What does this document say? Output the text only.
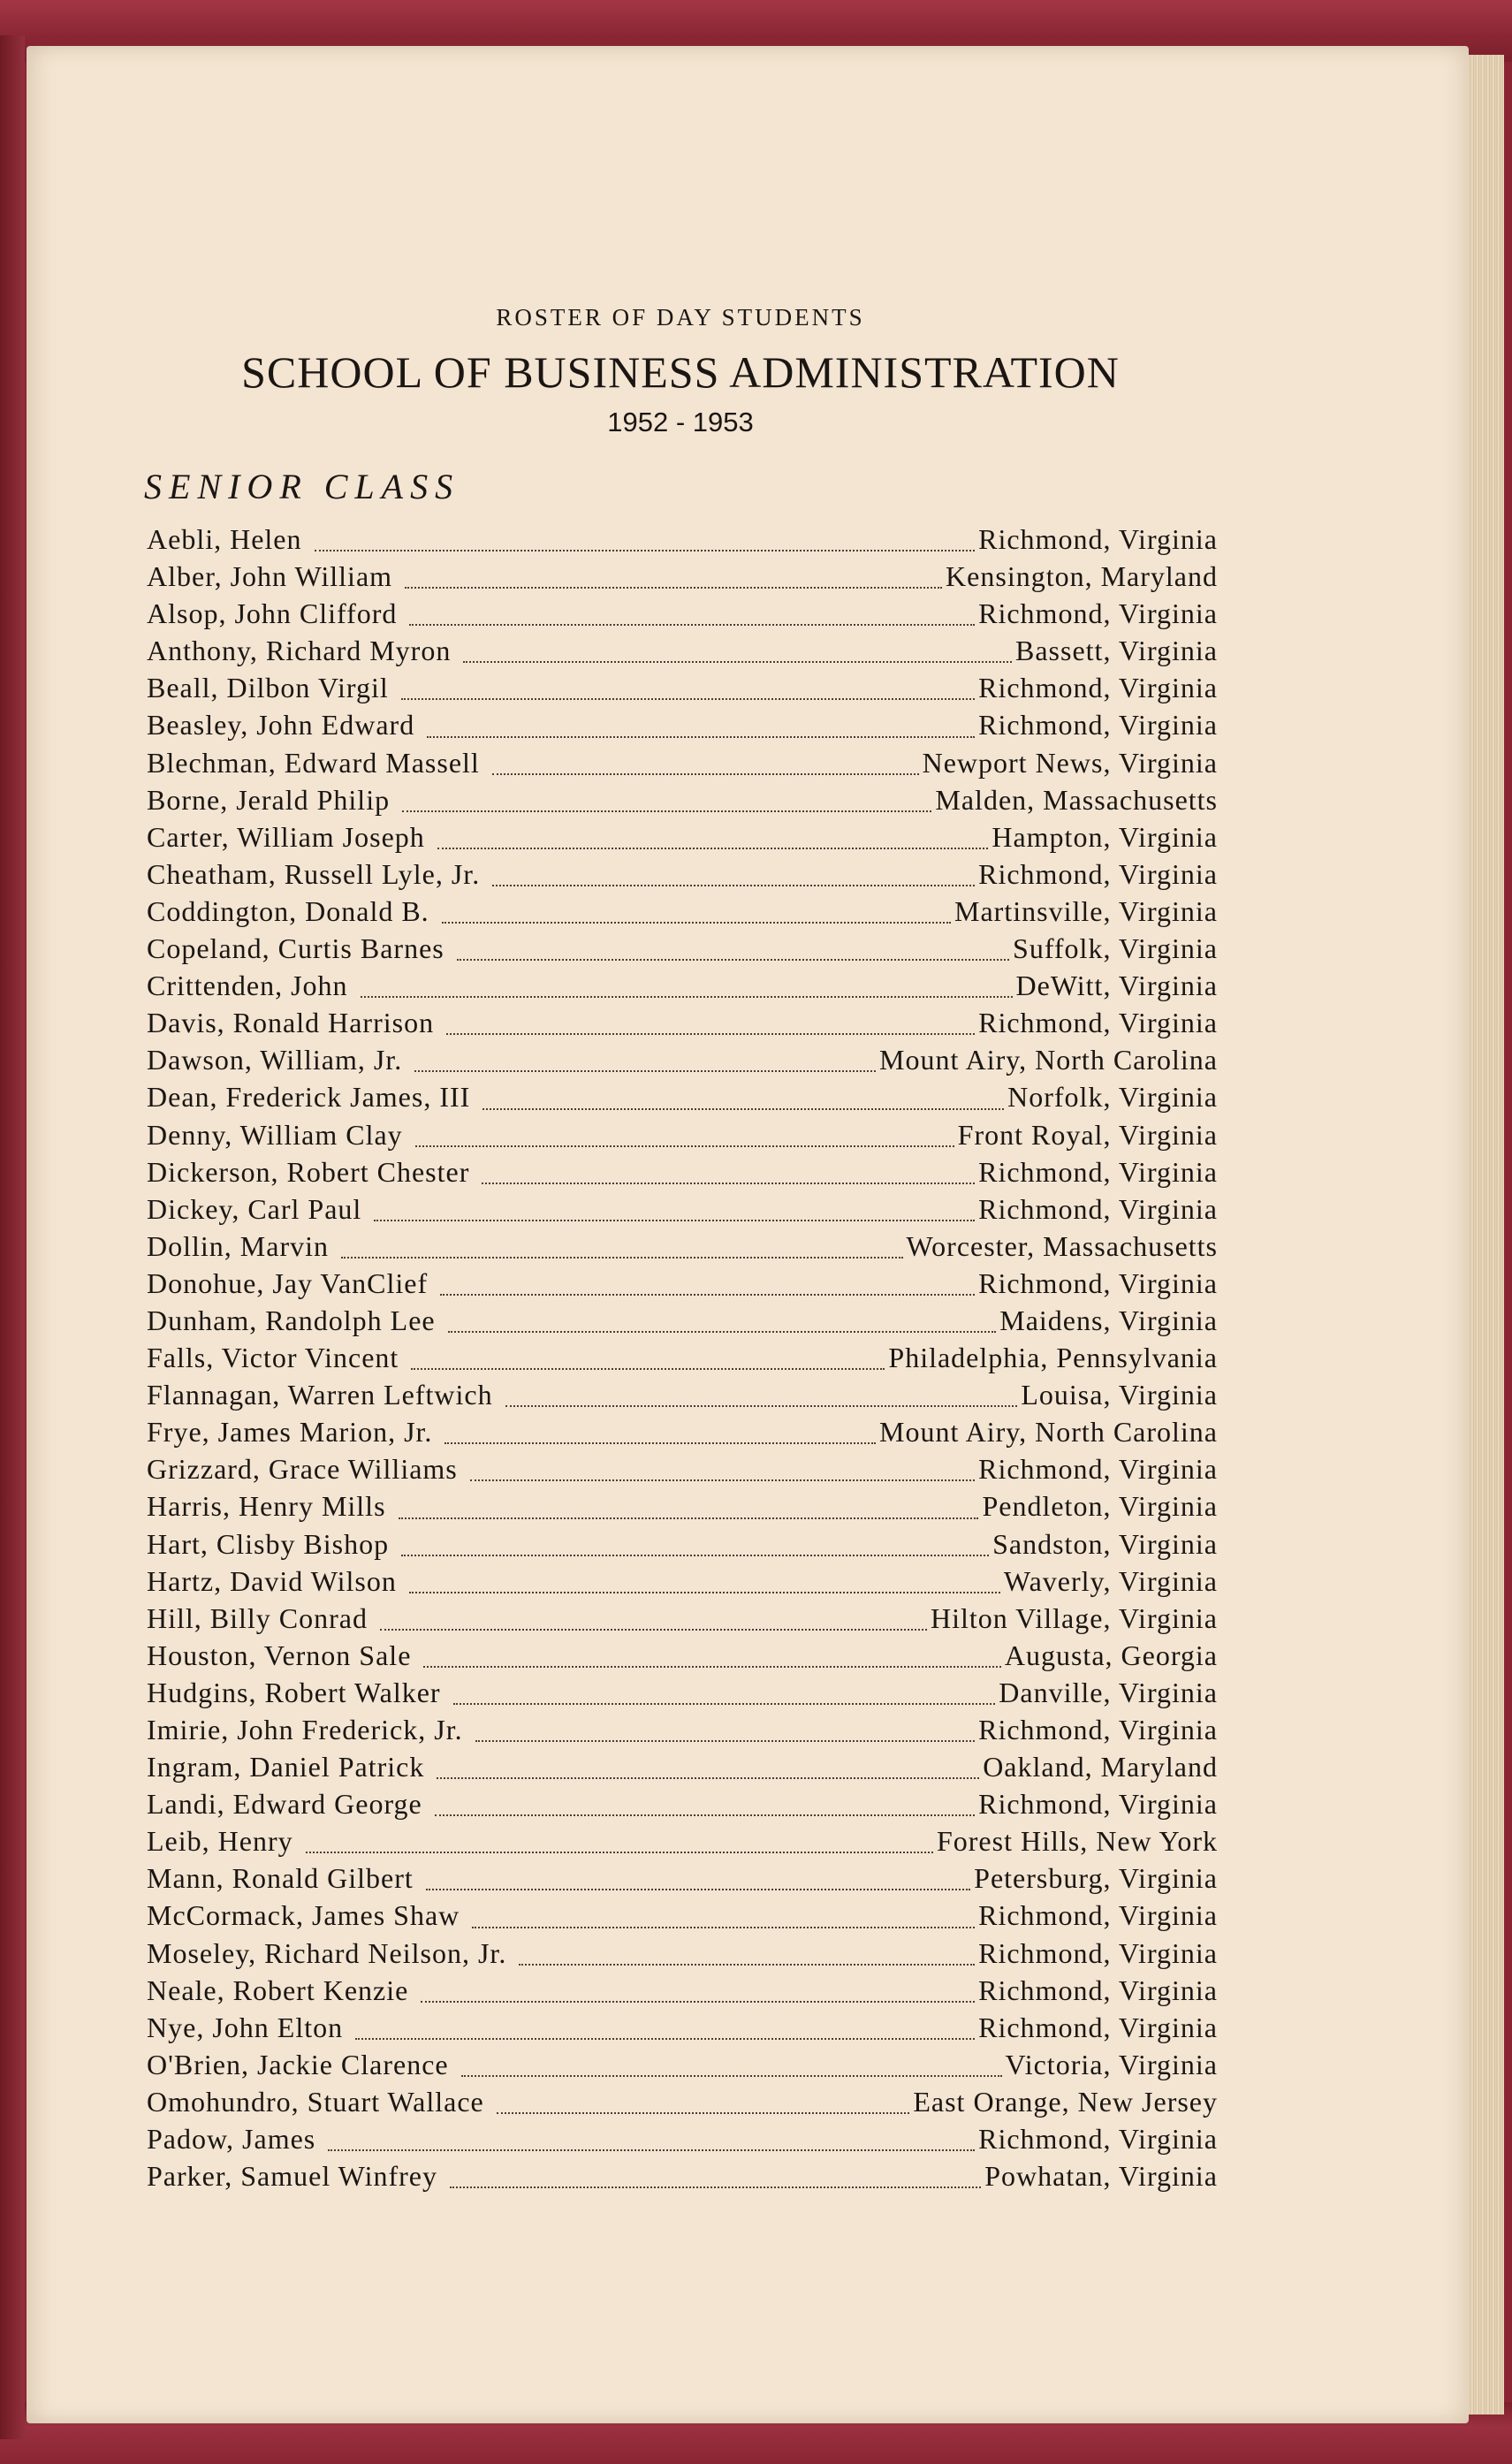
ROSTER OF DAY STUDENTS
SCHOOL OF BUSINESS ADMINISTRATION
1952 - 1953
SENIOR CLASS
Aebli, Helen	Richmond, Virginia
Alber, John William	Kensington, Maryland
Alsop, John Clifford	Richmond, Virginia
Anthony, Richard Myron	Bassett, Virginia
Beall, Dilbon Virgil	Richmond, Virginia
Beasley, John Edward	Richmond, Virginia
Blechman, Edward Massell	Newport News, Virginia
Borne, Jerald Philip	Malden, Massachusetts
Carter, William Joseph	Hampton, Virginia
Cheatham, Russell Lyle, Jr.	Richmond, Virginia
Coddington, Donald B.	Martinsville, Virginia
Copeland, Curtis Barnes	Suffolk, Virginia
Crittenden, John	DeWitt, Virginia
Davis, Ronald Harrison	Richmond, Virginia
Dawson, William, Jr.	Mount Airy, North Carolina
Dean, Frederick James, III	Norfolk, Virginia
Denny, William Clay	Front Royal, Virginia
Dickerson, Robert Chester	Richmond, Virginia
Dickey, Carl Paul	Richmond, Virginia
Dollin, Marvin	Worcester, Massachusetts
Donohue, Jay VanClief	Richmond, Virginia
Dunham, Randolph Lee	Maidens, Virginia
Falls, Victor Vincent	Philadelphia, Pennsylvania
Flannagan, Warren Leftwich	Louisa, Virginia
Frye, James Marion, Jr.	Mount Airy, North Carolina
Grizzard, Grace Williams	Richmond, Virginia
Harris, Henry Mills	Pendleton, Virginia
Hart, Clisby Bishop	Sandston, Virginia
Hartz, David Wilson	Waverly, Virginia
Hill, Billy Conrad	Hilton Village, Virginia
Houston, Vernon Sale	Augusta, Georgia
Hudgins, Robert Walker	Danville, Virginia
Imirie, John Frederick, Jr.	Richmond, Virginia
Ingram, Daniel Patrick	Oakland, Maryland
Landi, Edward George	Richmond, Virginia
Leib, Henry	Forest Hills, New York
Mann, Ronald Gilbert	Petersburg, Virginia
McCormack, James Shaw	Richmond, Virginia
Moseley, Richard Neilson, Jr.	Richmond, Virginia
Neale, Robert Kenzie	Richmond, Virginia
Nye, John Elton	Richmond, Virginia
O'Brien, Jackie Clarence	Victoria, Virginia
Omohundro, Stuart Wallace	East Orange, New Jersey
Padow, James	Richmond, Virginia
Parker, Samuel Winfrey	Powhatan, Virginia
